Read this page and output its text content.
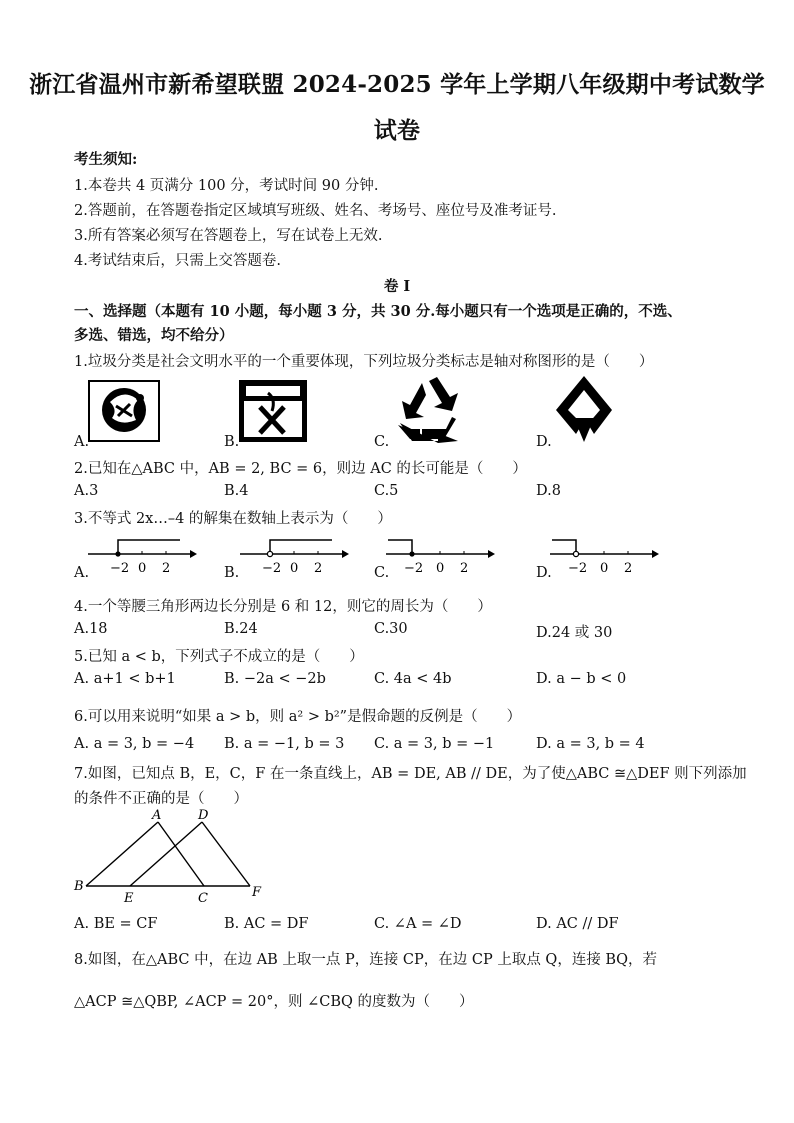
浙江省温州市新希望联盟 2024-2025 学年上学期八年级期中考试数学
试卷
考生须知:
1.本卷共 4 页满分 100 分，考试时间 90 分钟.
2.答题前，在答题卷指定区域填写班级、姓名、考场号、座位号及准考证号.
3.所有答案必须写在答题卷上，写在试卷上无效.
4.考试结束后，只需上交答题卷.
卷 I
一、选择题（本题有 10 小题，每小题 3 分，共 30 分.每小题只有一个选项是正确的，不选、
多选、错选，均不给分）
1.垃圾分类是社会文明水平的一个重要体现，下列垃圾分类标志是轴对称图形的是（　　）
A.	B.	C.	D.
2.已知在△ABC 中，AB = 2, BC = 6，则边 AC 的长可能是（　　）
A.3	B.4	C.5	D.8
3.不等式 2x…–4 的解集在数轴上表示为（　　）
−2 0 2	−2 0 2	−2 0 2	−2 0 2
A.	B.	C.	D.
4.一个等腰三角形两边长分别是 6 和 12，则它的周长为（　　）
A.18	B.24	C.30	D.24 或 30
5.已知 a < b，下列式子不成立的是（　　）
A. a+1 < b+1	B. −2a < −2b	C. 4a < 4b	D. a − b < 0
6.可以用来说明“如果 a > b，则 a² > b²”是假命题的反例是（　　）
A. a = 3, b = −4 B. a = −1, b = 3 C. a = 3, b = −1	D. a = 3, b = 4
7.如图，已知点 B，E，C，F 在一条直线上，AB = DE, AB // DE，为了使△ABC ≅△DEF 则下列添加
的条件不正确的是（　　）
A	D
B
E	C	F
A. BE = CF	B. AC = DF	C. ∠A = ∠D	D. AC // DF
8.如图，在△ABC 中，在边 AB 上取一点 P，连接 CP，在边 CP 上取点 Q，连接 BQ，若
△ACP ≅△QBP, ∠ACP = 20°，则 ∠CBQ 的度数为（　　）
